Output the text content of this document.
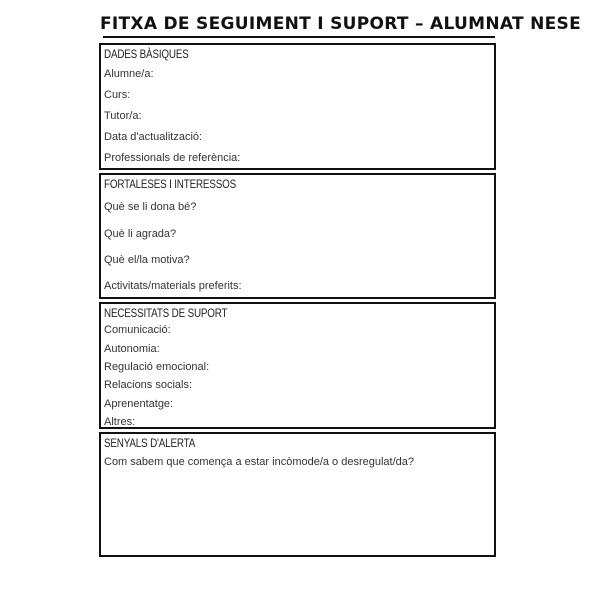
FITXA DE SEGUIMENT I SUPORT – ALUMNAT NESE
DADES BÀSIQUES
Alumne/a:
Curs:
Tutor/a:
Data d'actualització:
Professionals de referència:
FORTALESES I INTERESSOS
Què se li dona bé?
Què li agrada?
Què el/la motiva?
Activitats/materials preferits:
NECESSITATS DE SUPORT
Comunicació:
Autonomia:
Regulació emocional:
Relacions socials:
Aprenentatge:
Altres:
SENYALS D'ALERTA
Com sabem que comença a estar incòmode/a o desregulat/da?
